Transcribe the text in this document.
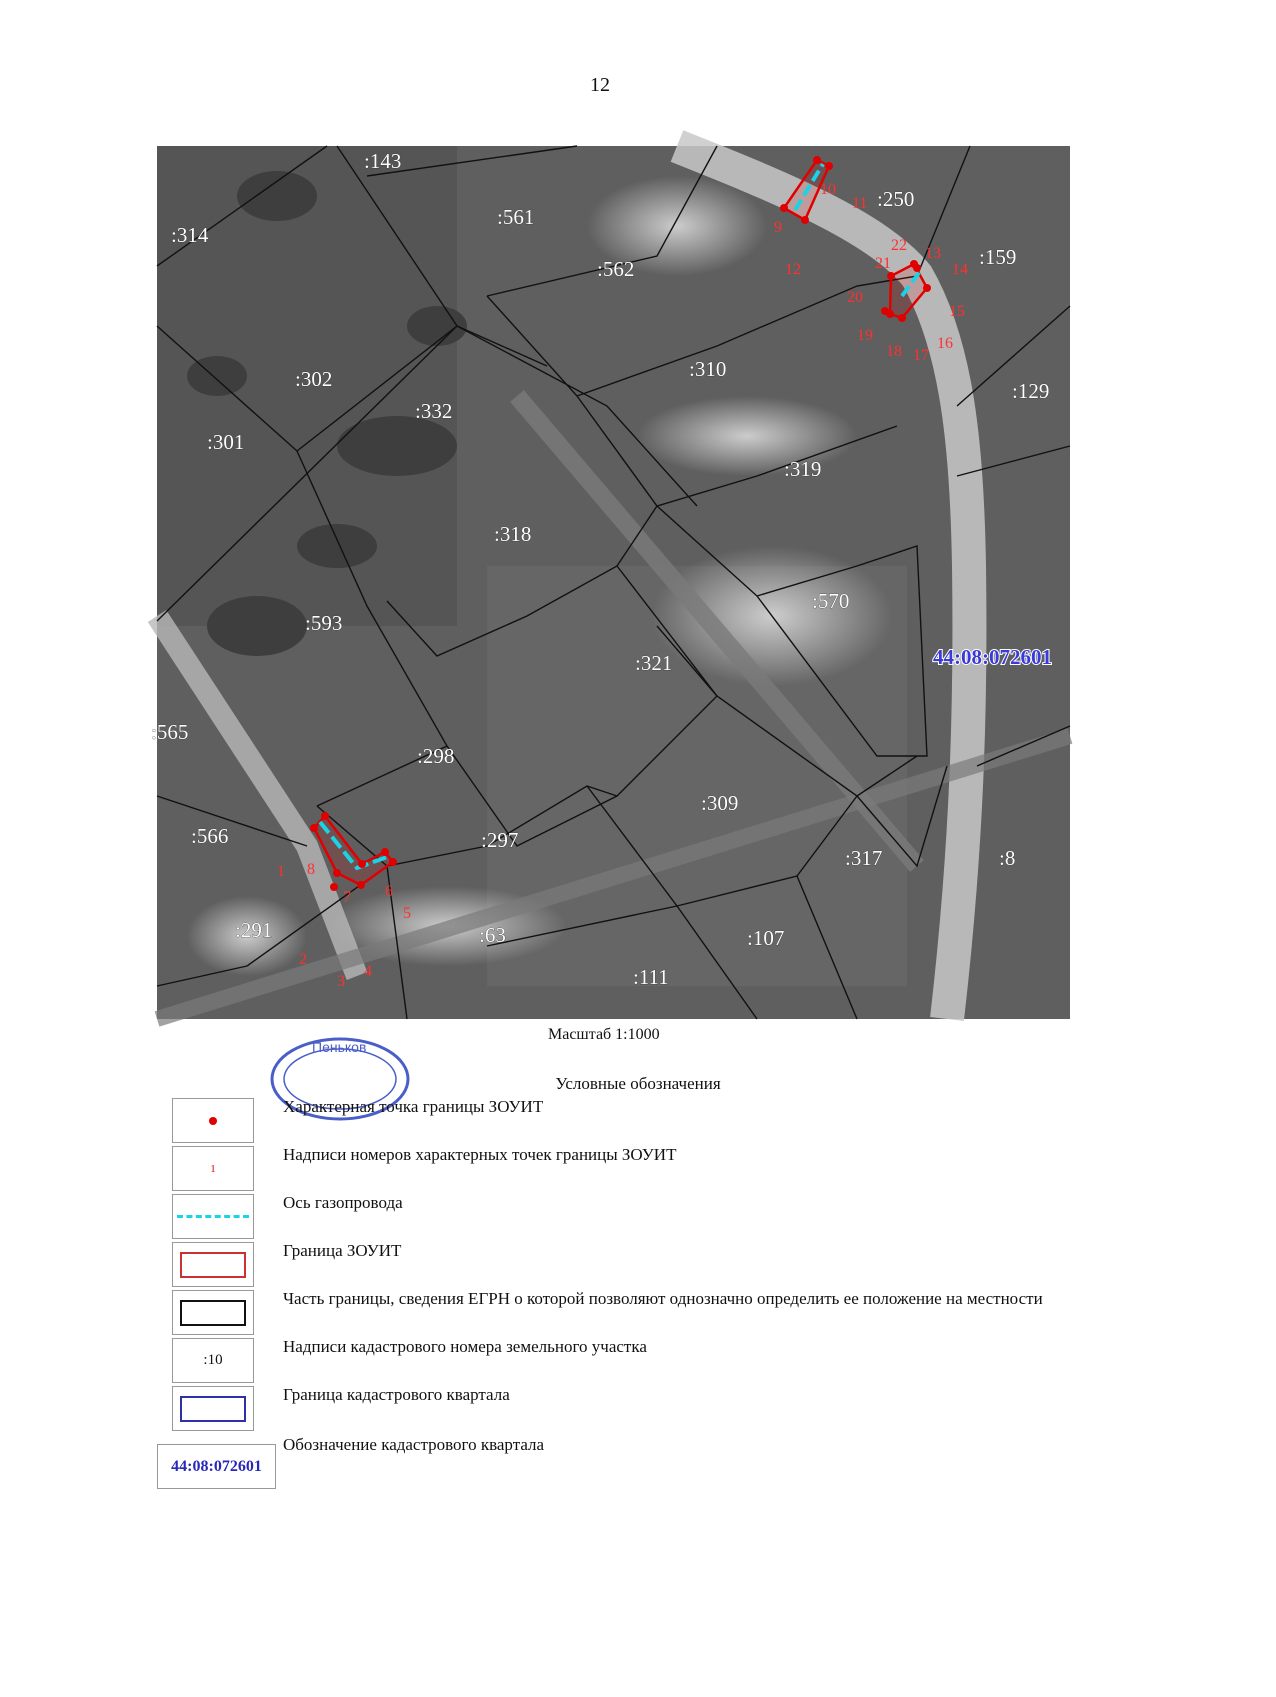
12
:143
:561
:250
:314
:562	:159
:302	:310
:129
:332
:301
:319
:318
:570
:593
:321
:565
:298
:309
:566	:297
:317	:8
:291	:63	:107
:111
1
2
3
4
5
6
7
8
9
10
11
12
13
14
15
16
17
18
19
20
21
22
44:08:072601
Пеньков
Масштаб 1:1000
Условные обозначения
Характерная точка границы ЗОУИТ
1
Надписи номеров характерных точек границы ЗОУИТ
Ось газопровода
Граница ЗОУИТ
Часть границы, сведения ЕГРН о которой позволяют однозначно определить ее положение на местности
:10
Надписи кадастрового номера земельного участка
Граница кадастрового квартала
44:08:072601
Обозначение кадастрового квартала
